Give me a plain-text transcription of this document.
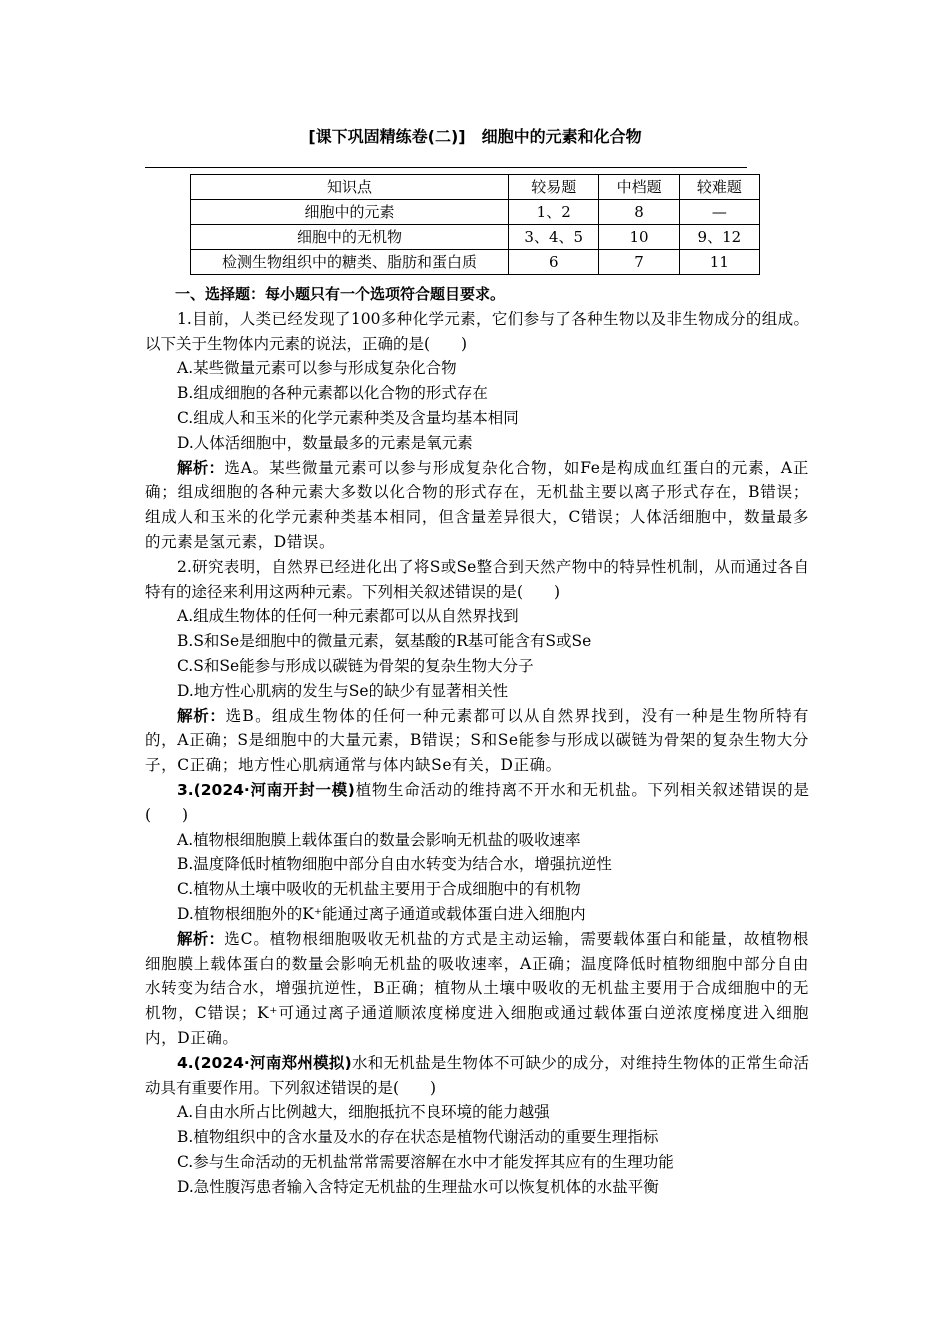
[课下巩固精练卷(二)] 细胞中的元素和化合物
知识点	较易题	中档题	较难题
细胞中的元素	1、2	8	—
细胞中的无机物	3、4、5	10	9、12
检测生物组织中的糖类、脂肪和蛋白质	6	7	11

一、选择题：每小题只有一个选项符合题目要求。

1.目前，人类已经发现了100多种化学元素，它们参与了各种生物以及非生物成分的组成。以下关于生物体内元素的说法，正确的是(　　)

A.某些微量元素可以参与形成复杂化合物

B.组成细胞的各种元素都以化合物的形式存在

C.组成人和玉米的化学元素种类及含量均基本相同

D.人体活细胞中，数量最多的元素是氧元素

解析：选A。某些微量元素可以参与形成复杂化合物，如Fe是构成血红蛋白的元素，A正确；组成细胞的各种元素大多数以化合物的形式存在，无机盐主要以离子形式存在，B错误；组成人和玉米的化学元素种类基本相同，但含量差异很大，C错误；人体活细胞中，数量最多的元素是氢元素，D错误。

2.研究表明，自然界已经进化出了将S或Se整合到天然产物中的特异性机制，从而通过各自特有的途径来利用这两种元素。下列相关叙述错误的是(　　)

A.组成生物体的任何一种元素都可以从自然界找到

B.S和Se是细胞中的微量元素，氨基酸的R基可能含有S或Se

C.S和Se能参与形成以碳链为骨架的复杂生物大分子

D.地方性心肌病的发生与Se的缺少有显著相关性

解析：选B。组成生物体的任何一种元素都可以从自然界找到，没有一种是生物所特有的，A正确；S是细胞中的大量元素，B错误；S和Se能参与形成以碳链为骨架的复杂生物大分子，C正确；地方性心肌病通常与体内缺Se有关，D正确。

3.(2024·河南开封一模)植物生命活动的维持离不开水和无机盐。下列相关叙述错误的是(　　)

A.植物根细胞膜上载体蛋白的数量会影响无机盐的吸收速率

B.温度降低时植物细胞中部分自由水转变为结合水，增强抗逆性

C.植物从土壤中吸收的无机盐主要用于合成细胞中的有机物

D.植物根细胞外的K⁺能通过离子通道或载体蛋白进入细胞内

解析：选C。植物根细胞吸收无机盐的方式是主动运输，需要载体蛋白和能量，故植物根细胞膜上载体蛋白的数量会影响无机盐的吸收速率，A正确；温度降低时植物细胞中部分自由水转变为结合水，增强抗逆性，B正确；植物从土壤中吸收的无机盐主要用于合成细胞中的无机物，C错误；K⁺可通过离子通道顺浓度梯度进入细胞或通过载体蛋白逆浓度梯度进入细胞内，D正确。

4.(2024·河南郑州模拟)水和无机盐是生物体不可缺少的成分，对维持生物体的正常生命活动具有重要作用。下列叙述错误的是(　　)

A.自由水所占比例越大，细胞抵抗不良环境的能力越强

B.植物组织中的含水量及水的存在状态是植物代谢活动的重要生理指标

C.参与生命活动的无机盐常常需要溶解在水中才能发挥其应有的生理功能

D.急性腹泻患者输入含特定无机盐的生理盐水可以恢复机体的水盐平衡
